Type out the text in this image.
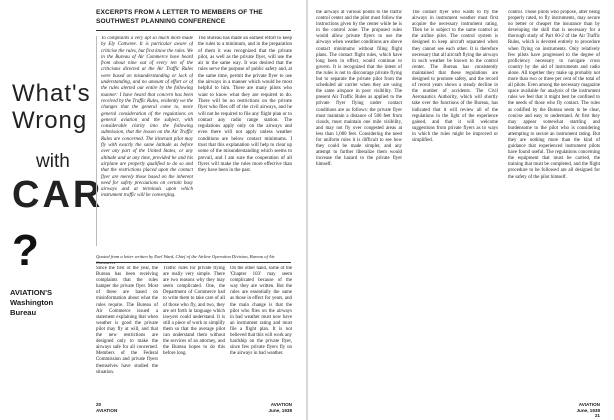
What's
Wrong
with
CAR
?
AVIATION'S Washington Bureau
EXCERPTS FROM A LETTER TO MEMBERS OF THE SOUTHWEST PLANNING CONFERENCE

To complaints a very apt so much more made by Ely Cottwree. It is particular aware of criticise the rules, but first know the rules. We in the Bureau of Air Commerce have heard from about nine out of every ten of the criticisms directed at the Air Traffic Rules were based on misunderstanding or lack of understanding, and no amount of effort or of the rules alerted our entire by the following manner: I have heard that concern has been received by the Traffic Rules, evidently we the changes that the general come to, more general consideration of the regulations on general aviation and the subject, with considerable clarity into the following submission, that the lesson on the Air Traffic Rules are concerned. The itinerant pilot may fly with exactly the same latitude as before over any part of the United States, or any altitude and at any time, provided he and his airplane are properly qualified to do so and that the restrictions placed upon the contact flyer are merely those based on the inherent need for safety precautions on certain busy airways and at terminals upon which instrument traffic will be converging.

The Bureau has made an earnest effort to keep the rules to a minimum, and in the preparation of them it was recognized that the private pilot, as well as the private flyer, will use the air in the same way. It was desired that the rules serve the purpose of public safety and, at the same time, permit the private flyer to use the airways in a manner which would be most helpful to him. There are many pilots who want to know what they are required to do. There will be no restrictions on the private flyer who flies off of the civil airways, and he will not be required to file any flight plan or to contact any radio range station. The regulations apply only on the airways and even there will not apply unless weather conditions are below contact minimums. I trust that this explanation will help to clear up some of the misunderstanding which seems to prevail, and I am sure the cooperation of all flyers will make the rules more effective than they have been in the past.

Quoted from a letter written by Earl Ward, Chief of the Airline Operation Division, Bureau of Air

Since the first of the year, the Bureau has been receiving complaints that the rules hamper the private flyer. Most of these are based on misinformation about what the rules require. The Bureau of Air Commerce issued a statement explaining that when weather is good the private pilot may fly at will, and that the new restrictions are designed only to make the airways safe for all concerned. Members of the Federal Commission and private flyers themselves have studied the situation.

Traffic rules for private flying are really very simple. There are two reasons why they may seem complicated. One, the Department of Commerce had to write them to take care of all of those who fly, and two, they are set forth in language which lawyers could understand. It is still a piece of work to simplify them so that the average pilot can understand them without the services of an attorney, and the Bureau hopes to do this before long.

On the other hand, some of the 'Chapter 103' may seem complicated because of the way they are written. But the rules are essentially the same as those in effect for years, and the main change is that the pilot who flies on the airways in bad weather must now have an instrument rating and must file a flight plan. It is not believed that this will work any hardship on the private flyer, since few private flyers fly on the airways in bad weather.

20
AVIATION
AVIATION
June, 1938

the airways at various points to the traffic control center and the pilot must follow the instructions given by the center while he is in the control zone. The proposed rules would allow private flyers to use the airways when weather conditions are above contact minimums without filing flight plans. The contact flight rules, which have long been in effect, would continue to govern. It is recognized that the intent of the rules is not to discourage private flying but to separate the private pilot from the scheduled air carrier when they are using the same airspace in poor visibility. The present Air Traffic Rules as applied to the private flyer flying under contact conditions are as follows: the private flyer must maintain a distance of 500 feet from clouds, must maintain one mile visibility, and may not fly over congested areas at less than 1,000 feet. Considering the need for uniform rules it is difficult to see how they could be made simpler, and any attempt to further liberalize them would increase the hazard to the private flyer himself.

The contact flyer who wants to fly the airways in instrument weather must first acquire the necessary instrument rating. Then he is subject to the same control as the airline pilot. The control system is designed to keep aircraft separated when they cannot see each other. It is therefore necessary that all aircraft flying the airways in such weather be known to the control center. The Bureau has consistently maintained that these regulations are designed to promote safety, and the record of recent years shows a steady decline in the number of accidents. The Civil Aeronautics Authority, which will shortly take over the functions of the Bureau, has indicated that it will review all of the regulations in the light of the experience gained, and that it will welcome suggestions from private flyers as to ways in which the rules might be improved or simplified.

control. Those pilots who propose, after being properly rated, to fly instruments, may secure no better or cheaper the insurance than by developing the skill that is necessary for a thorough study of Part 60-2 of the Air Traffic Rules, which is devoted entirely to procedure when flying on instruments. Only relatively few pilots have progressed to the degree of proficiency necessary to navigate cross country by the aid of instruments and radio alone. All together they make up probably not more than two or three per cent of the total of all pilots. Even among the necessary magazine space available for analysis of the instrument rules we feel that it might best be confined to the needs of those who fly contact. The rules as codified by the Bureau seem to be clear, concise and easy to understand. At first they may appear somewhat startling and burdensome to the pilot who is considering attempting to secure an instrument rating. But they are nothing more than the kind of guidance that experienced instrument pilots have found useful. The regulations concerning the equipment that must be carried, the training that must be completed, and the flight procedure to be followed are all designed for the safety of the pilot himself.

AVIATION
June, 1938
21
